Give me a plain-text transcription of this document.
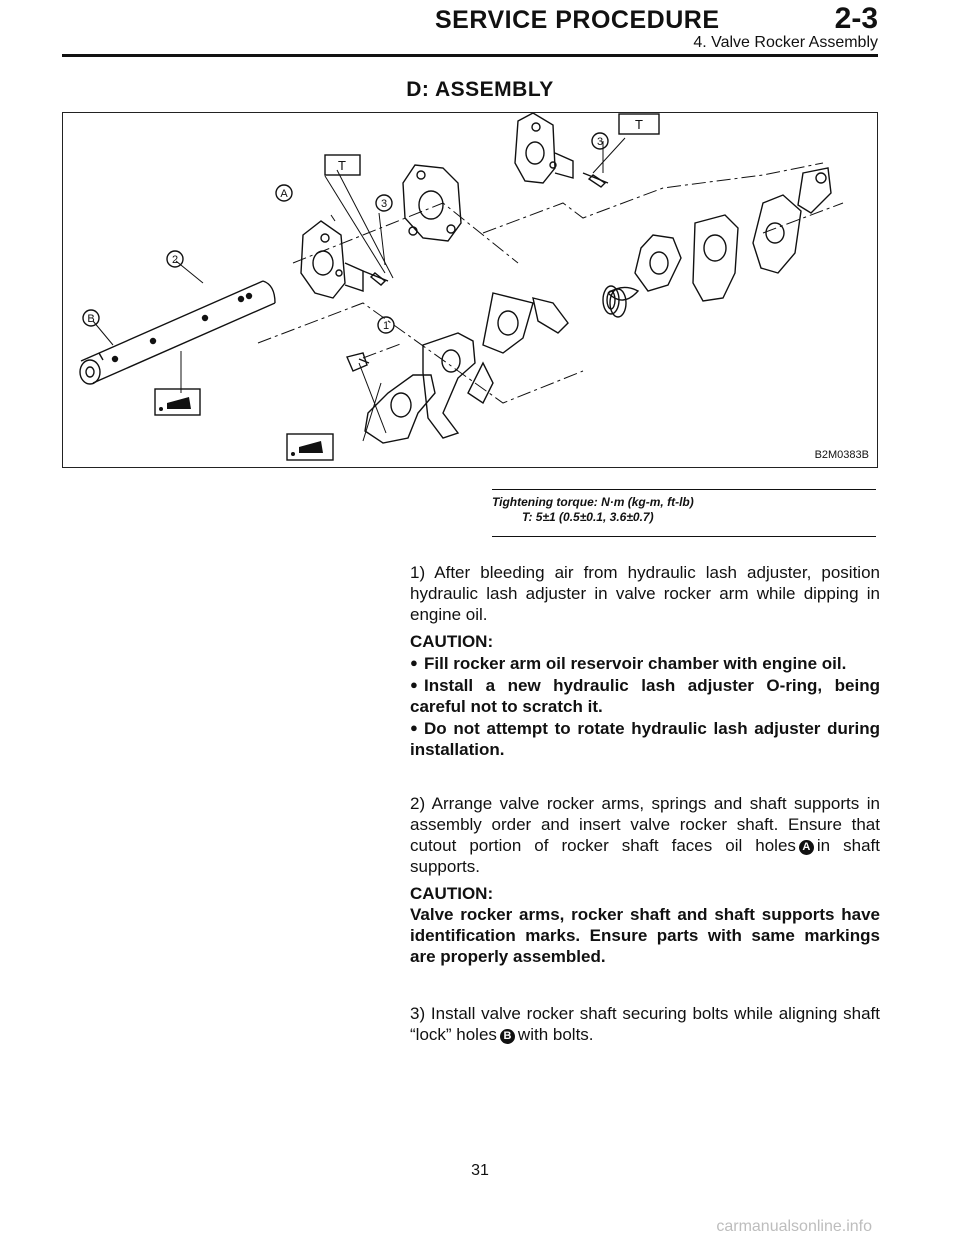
SERVICE PROCEDURE	2-3
4. Valve Rocker Assembly
D: ASSEMBLY
A
2
B
3
1
3
T
T
B2M0383B
Tightening torque: N·m (kg-m, ft-lb)
T: 5±1 (0.5±0.1, 3.6±0.7)
1) After bleeding air from hydraulic lash adjuster, position hydraulic lash adjuster in valve rocker arm while dipping in engine oil.
CAUTION:
● Fill rocker arm oil reservoir chamber with engine oil.
● Install a new hydraulic lash adjuster O-ring, being careful not to scratch it.
● Do not attempt to rotate hydraulic lash adjuster during installation.
2) Arrange valve rocker arms, springs and shaft supports in assembly order and insert valve rocker shaft. Ensure that cutout portion of rocker shaft faces oil holes A in shaft supports.
CAUTION:
Valve rocker arms, rocker shaft and shaft supports have identification marks. Ensure parts with same markings are properly assembled.
3) Install valve rocker shaft securing bolts while aligning shaft “lock” holes B with bolts.
31
carmanualsonline.info
